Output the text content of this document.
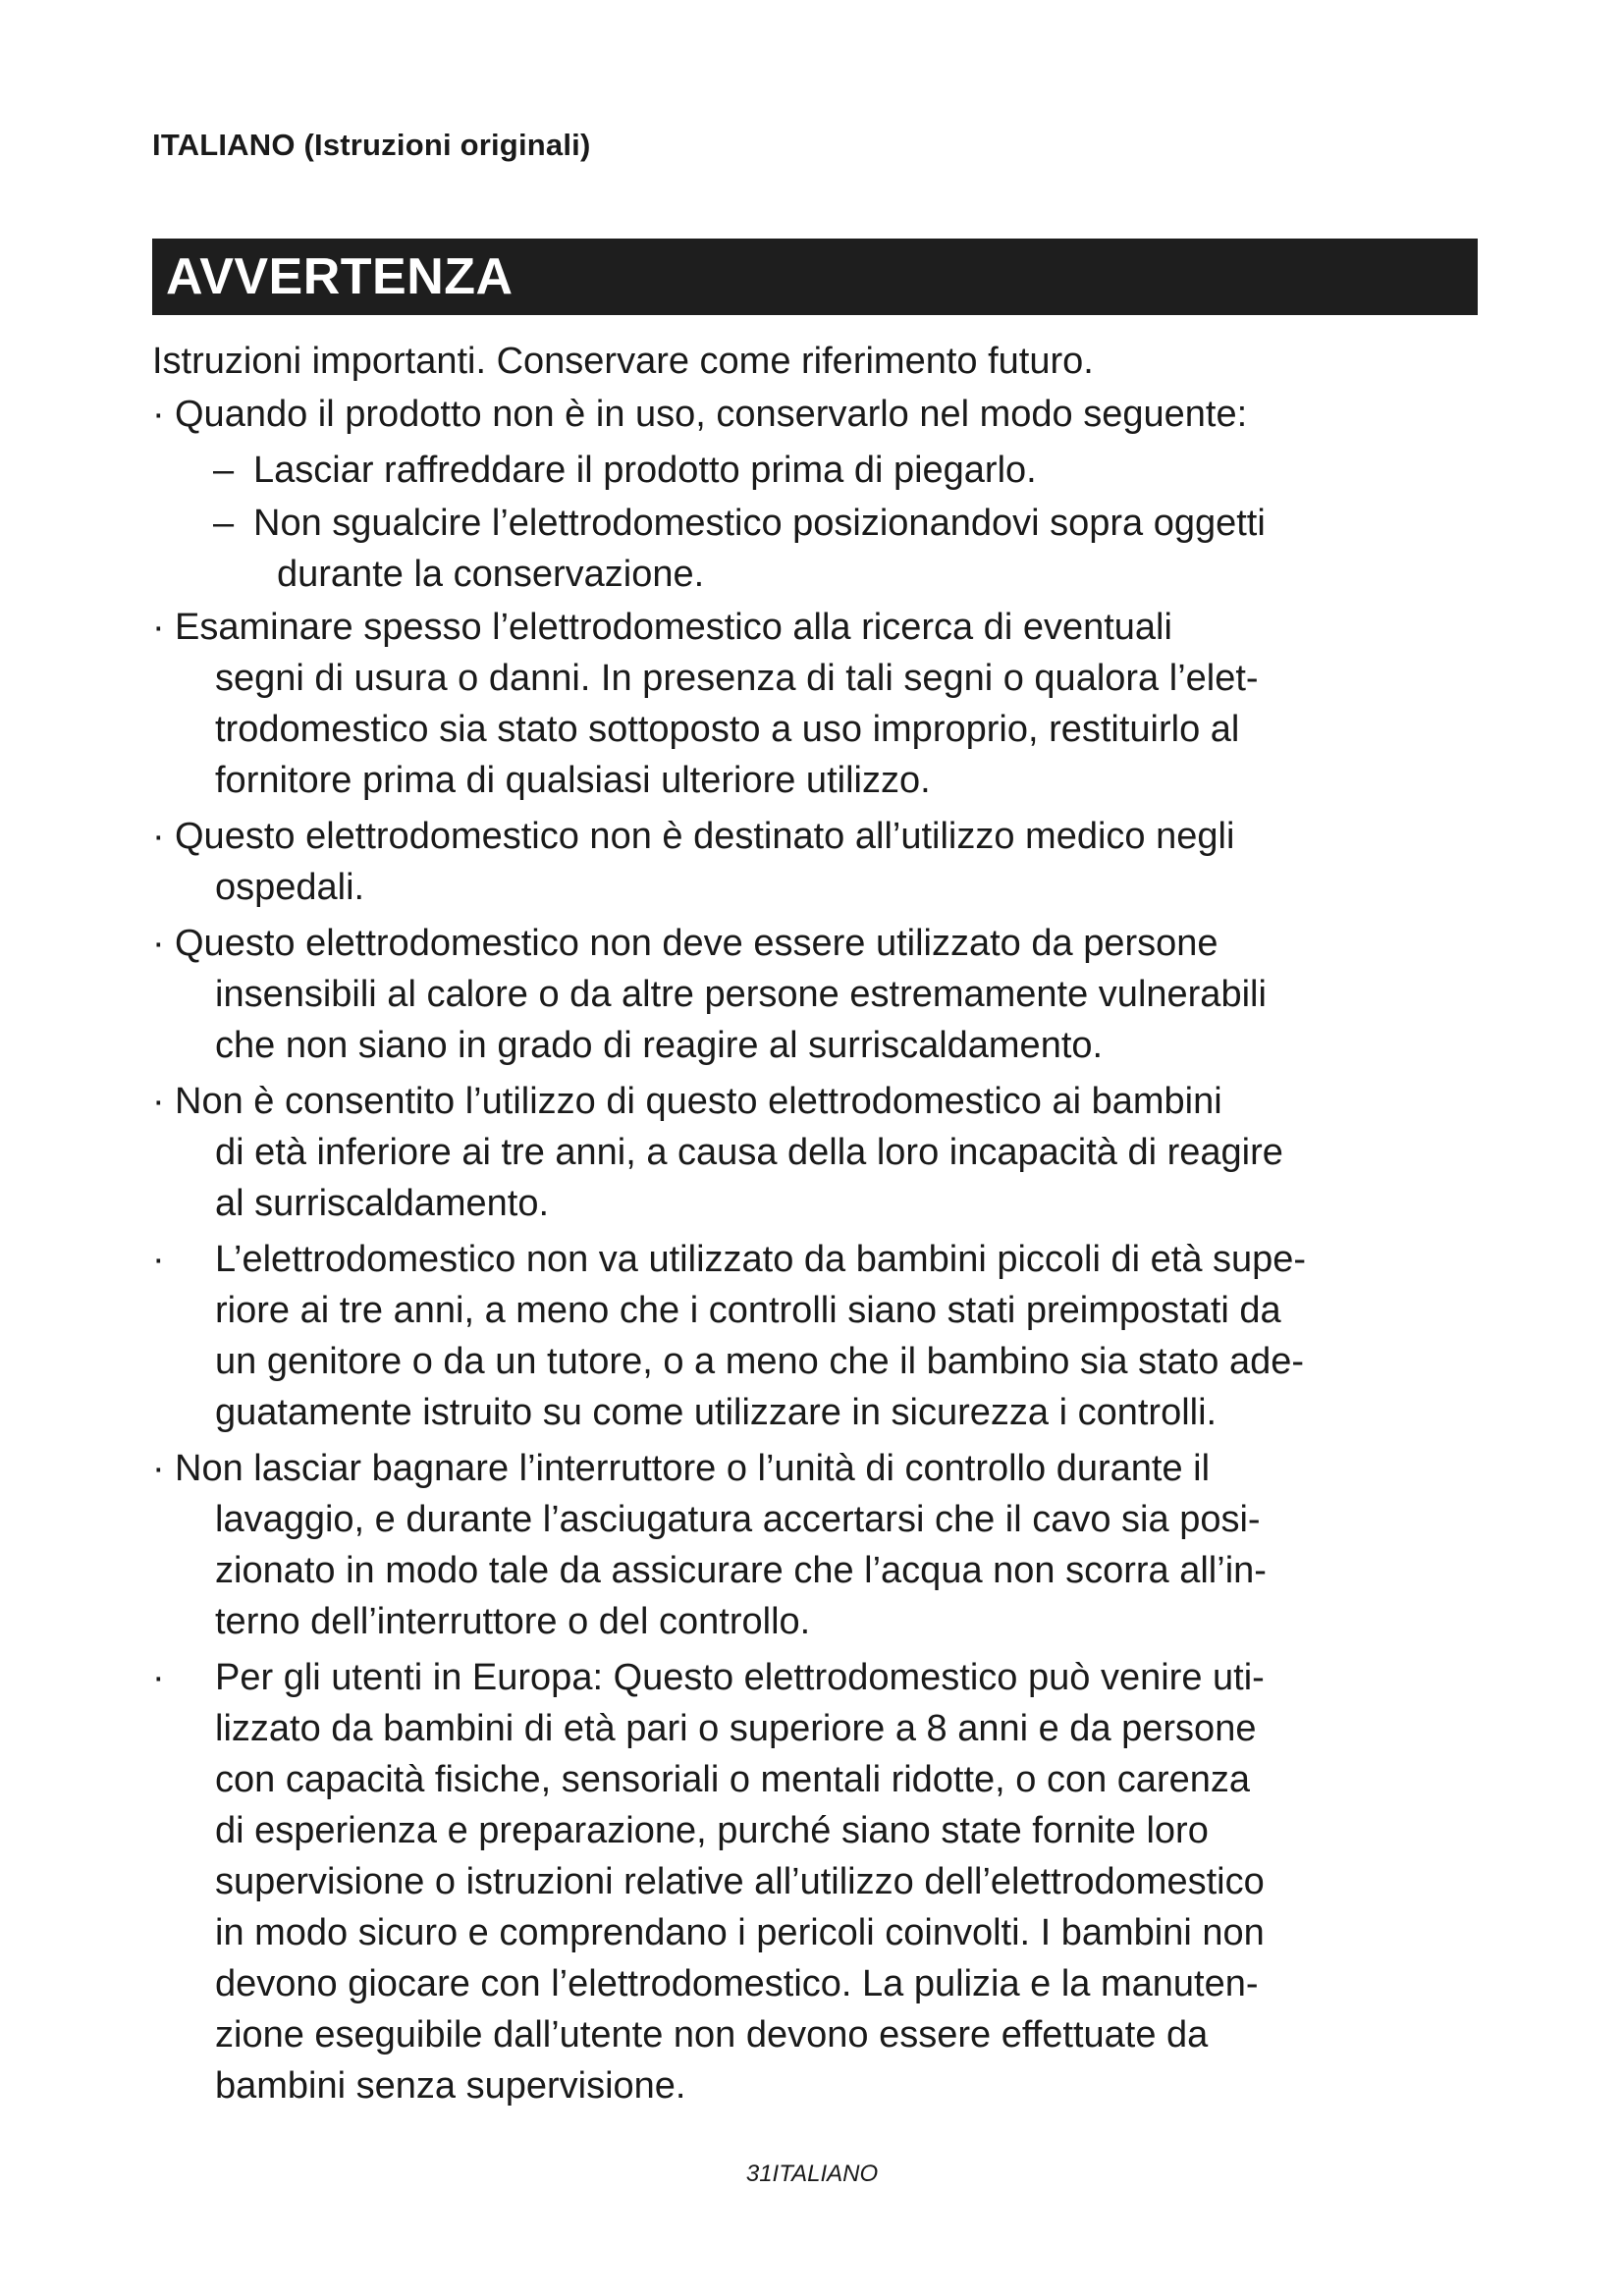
ITALIANO (Istruzioni originali)
AVVERTENZA
Istruzioni importanti. Conservare come riferimento futuro.
· Quando il prodotto non è in uso, conservarlo nel modo seguente:
– Lasciar raffreddare il prodotto prima di piegarlo.
– Non sgualcire l’elettrodomestico posizionandovi sopra oggetti
durante la conservazione.
· Esaminare spesso l’elettrodomestico alla ricerca di eventuali
segni di usura o danni. In presenza di tali segni o qualora l’elet-
trodomestico sia stato sottoposto a uso improprio, restituirlo al
fornitore prima di qualsiasi ulteriore utilizzo.
· Questo elettrodomestico non è destinato all’utilizzo medico negli
ospedali.
· Questo elettrodomestico non deve essere utilizzato da persone
insensibili al calore o da altre persone estremamente vulnerabili
che non siano in grado di reagire al surriscaldamento.
· Non è consentito l’utilizzo di questo elettrodomestico ai bambini
di età inferiore ai tre anni, a causa della loro incapacità di reagire
al surriscaldamento.
·	L’elettrodomestico non va utilizzato da bambini piccoli di età supe-
riore ai tre anni, a meno che i controlli siano stati preimpostati da
un genitore o da un tutore, o a meno che il bambino sia stato ade-
guatamente istruito su come utilizzare in sicurezza i controlli.
· Non lasciar bagnare l’interruttore o l’unità di controllo durante il
lavaggio, e durante l’asciugatura accertarsi che il cavo sia posi-
zionato in modo tale da assicurare che l’acqua non scorra all’in-
terno dell’interruttore o del controllo.
·	Per gli utenti in Europa: Questo elettrodomestico può venire uti-
lizzato da bambini di età pari o superiore a 8 anni e da persone
con capacità fisiche, sensoriali o mentali ridotte, o con carenza
di esperienza e preparazione, purché siano state fornite loro
supervisione o istruzioni relative all’utilizzo dell’elettrodomestico
in modo sicuro e comprendano i pericoli coinvolti. I bambini non
devono giocare con l’elettrodomestico. La pulizia e la manuten-
zione eseguibile dall’utente non devono essere effettuate da
bambini senza supervisione.
31ITALIANO
